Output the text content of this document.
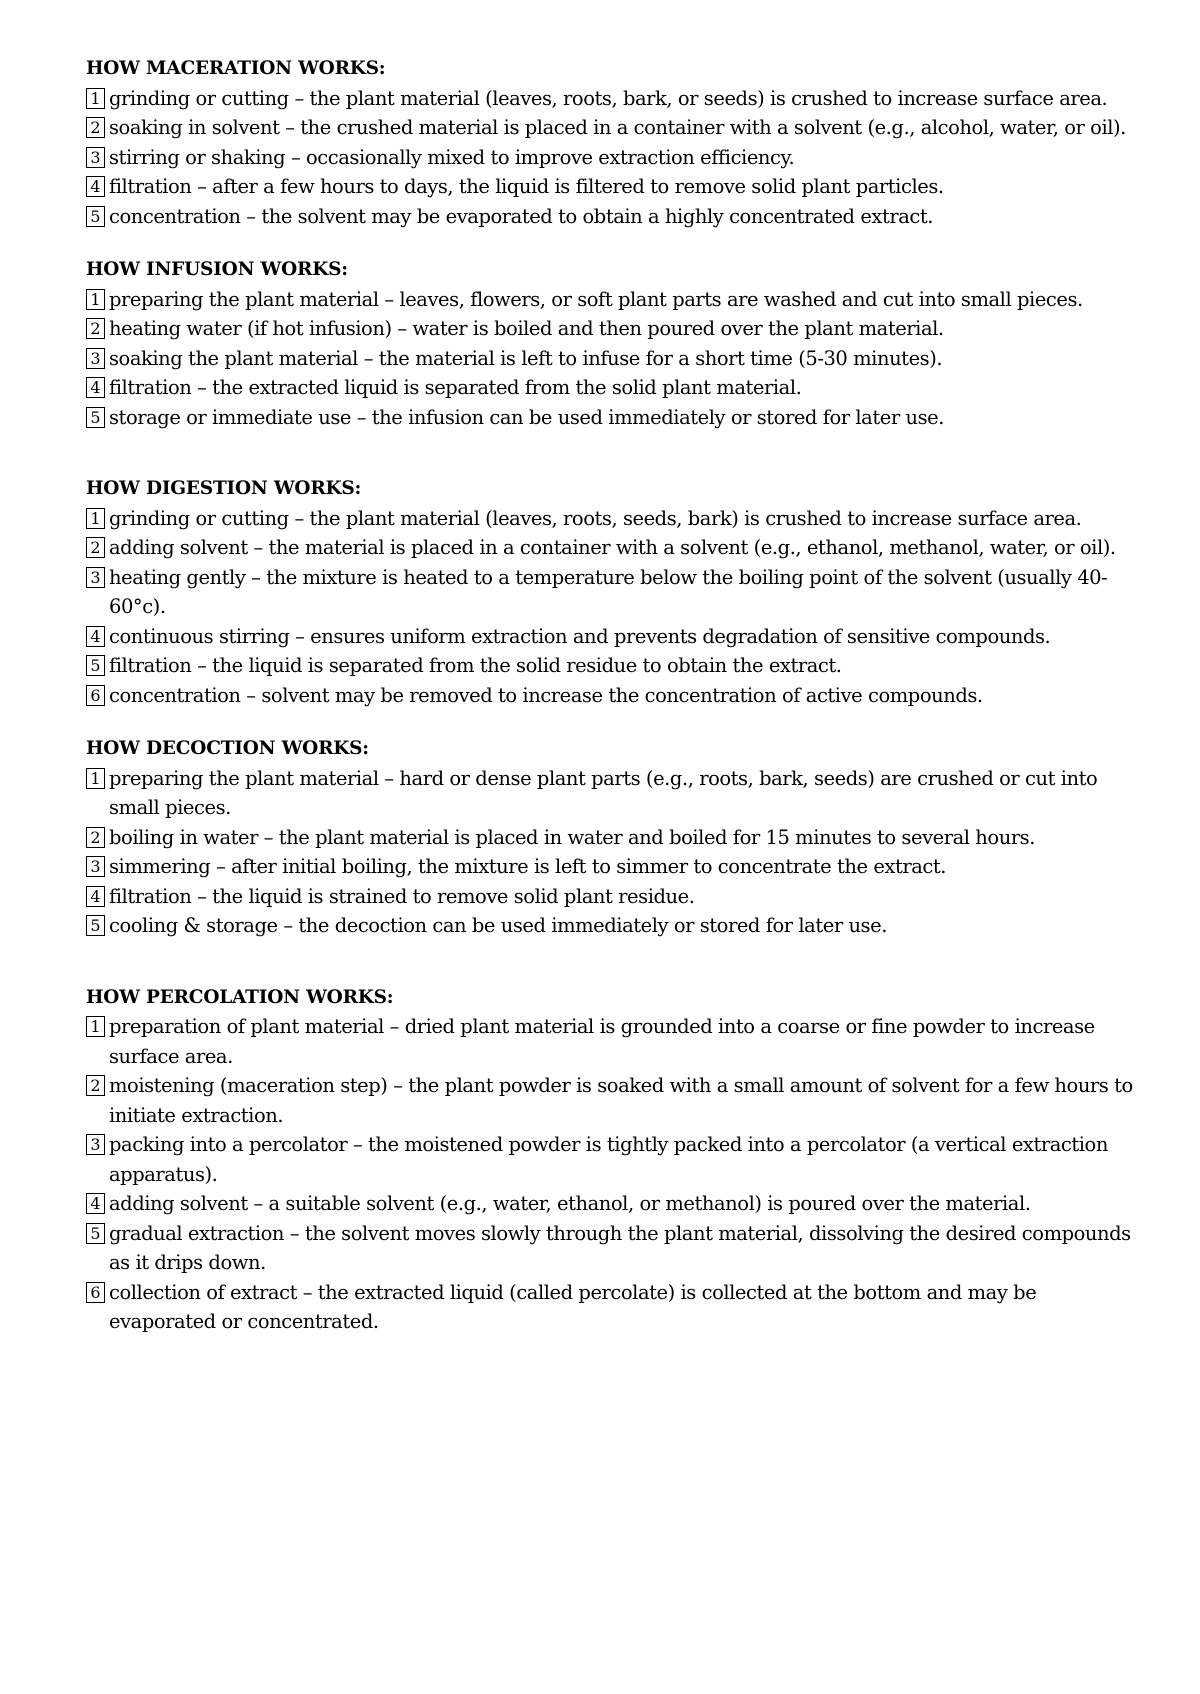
HOW MACERATION WORKS:

1 grinding or cutting – the plant material (leaves, roots, bark, or seeds) is crushed to increase surface area.

2 soaking in solvent – the crushed material is placed in a container with a solvent (e.g., alcohol, water, or oil).

3 stirring or shaking – occasionally mixed to improve extraction efficiency.

4 filtration – after a few hours to days, the liquid is filtered to remove solid plant particles.

5 concentration – the solvent may be evaporated to obtain a highly concentrated extract.

HOW INFUSION WORKS:

1 preparing the plant material – leaves, flowers, or soft plant parts are washed and cut into small pieces.

2 heating water (if hot infusion) – water is boiled and then poured over the plant material.

3 soaking the plant material – the material is left to infuse for a short time (5-30 minutes).

4 filtration – the extracted liquid is separated from the solid plant material.

5 storage or immediate use – the infusion can be used immediately or stored for later use.

HOW DIGESTION WORKS:

1 grinding or cutting – the plant material (leaves, roots, seeds, bark) is crushed to increase surface area.

2 adding solvent – the material is placed in a container with a solvent (e.g., ethanol, methanol, water, or oil).

3 heating gently – the mixture is heated to a temperature below the boiling point of the solvent (usually 40-60°c).

4 continuous stirring – ensures uniform extraction and prevents degradation of sensitive compounds.

5 filtration – the liquid is separated from the solid residue to obtain the extract.

6 concentration – solvent may be removed to increase the concentration of active compounds.

HOW DECOCTION WORKS:

1 preparing the plant material – hard or dense plant parts (e.g., roots, bark, seeds) are crushed or cut into small pieces.

2 boiling in water – the plant material is placed in water and boiled for 15 minutes to several hours.

3 simmering – after initial boiling, the mixture is left to simmer to concentrate the extract.

4 filtration – the liquid is strained to remove solid plant residue.

5 cooling & storage – the decoction can be used immediately or stored for later use.

HOW PERCOLATION WORKS:

1 preparation of plant material – dried plant material is grounded into a coarse or fine powder to increase surface area.

2 moistening (maceration step) – the plant powder is soaked with a small amount of solvent for a few hours to initiate extraction.

3 packing into a percolator – the moistened powder is tightly packed into a percolator (a vertical extraction apparatus).

4 adding solvent – a suitable solvent (e.g., water, ethanol, or methanol) is poured over the material.

5 gradual extraction – the solvent moves slowly through the plant material, dissolving the desired compounds as it drips down.

6 collection of extract – the extracted liquid (called percolate) is collected at the bottom and may be evaporated or concentrated.
